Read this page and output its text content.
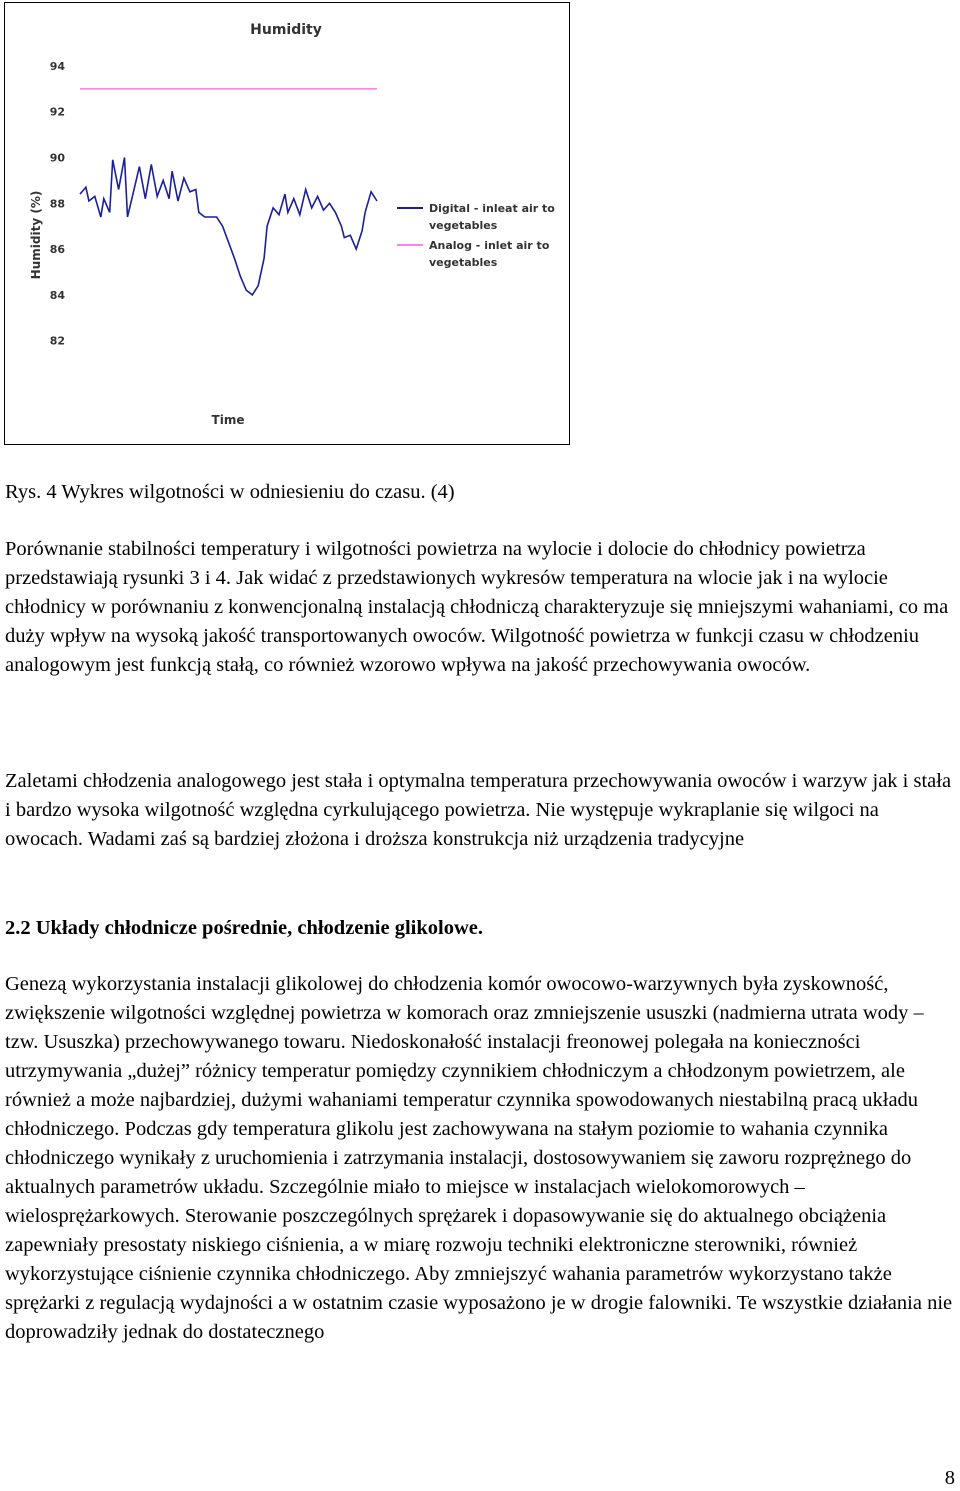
Humidity
Humidity (%)
Time
94
92
90
88
86
84
82
Digital - inleat air to vegetables
Analog - inlet air to vegetables

Rys. 4 Wykres wilgotności w odniesieniu do czasu. (4)

Porównanie stabilności temperatury i wilgotności powietrza na wylocie i dolocie do chłodnicy powietrza przedstawiają rysunki 3 i 4. Jak widać z przedstawionych wykresów temperatura na wlocie jak i na wylocie chłodnicy w porównaniu z konwencjonalną instalacją chłodniczą charakteryzuje się mniejszymi wahaniami, co ma duży wpływ na wysoką jakość transportowanych owoców. Wilgotność powietrza w funkcji czasu w chłodzeniu analogowym jest funkcją stałą, co również wzorowo wpływa na jakość przechowywania owoców.

Zaletami chłodzenia analogowego jest stała i optymalna temperatura przechowywania owoców i warzyw jak i stała i bardzo wysoka wilgotność względna cyrkulującego powietrza. Nie występuje wykraplanie się wilgoci na owocach. Wadami zaś są bardziej złożona i droższa konstrukcja niż urządzenia tradycyjne

2.2 Układy chłodnicze pośrednie, chłodzenie glikolowe.

Genezą wykorzystania instalacji glikolowej do chłodzenia komór owocowo-warzywnych była zyskowność, zwiększenie wilgotności względnej powietrza w komorach oraz zmniejszenie ususzki (nadmierna utrata wody ⎯ tzw. Ususzka) przechowywanego towaru. Niedoskonałość instalacji freonowej polegała na konieczności utrzymywania „dużej” różnicy temperatur pomiędzy czynnikiem chłodniczym a chłodzonym powietrzem, ale również a może najbardziej, dużymi wahaniami temperatur czynnika spowodowanych niestabilną pracą układu chłodniczego. Podczas gdy temperatura glikolu jest zachowywana na stałym poziomie to wahania czynnika chłodniczego wynikały z uruchomienia i zatrzymania instalacji, dostosowywaniem się zaworu rozprężnego do aktualnych parametrów układu. Szczególnie miało to miejsce w instalacjach wielokomorowych – wielosprężarkowych. Sterowanie poszczególnych sprężarek i dopasowywanie się do aktualnego obciążenia zapewniały presostaty niskiego ciśnienia, a w miarę rozwoju techniki elektroniczne sterowniki, również wykorzystujące ciśnienie czynnika chłodniczego. Aby zmniejszyć wahania parametrów wykorzystano także sprężarki z regulacją wydajności a w ostatnim czasie wyposażono je w drogie falowniki. Te wszystkie działania nie doprowadziły jednak do dostatecznego

8
